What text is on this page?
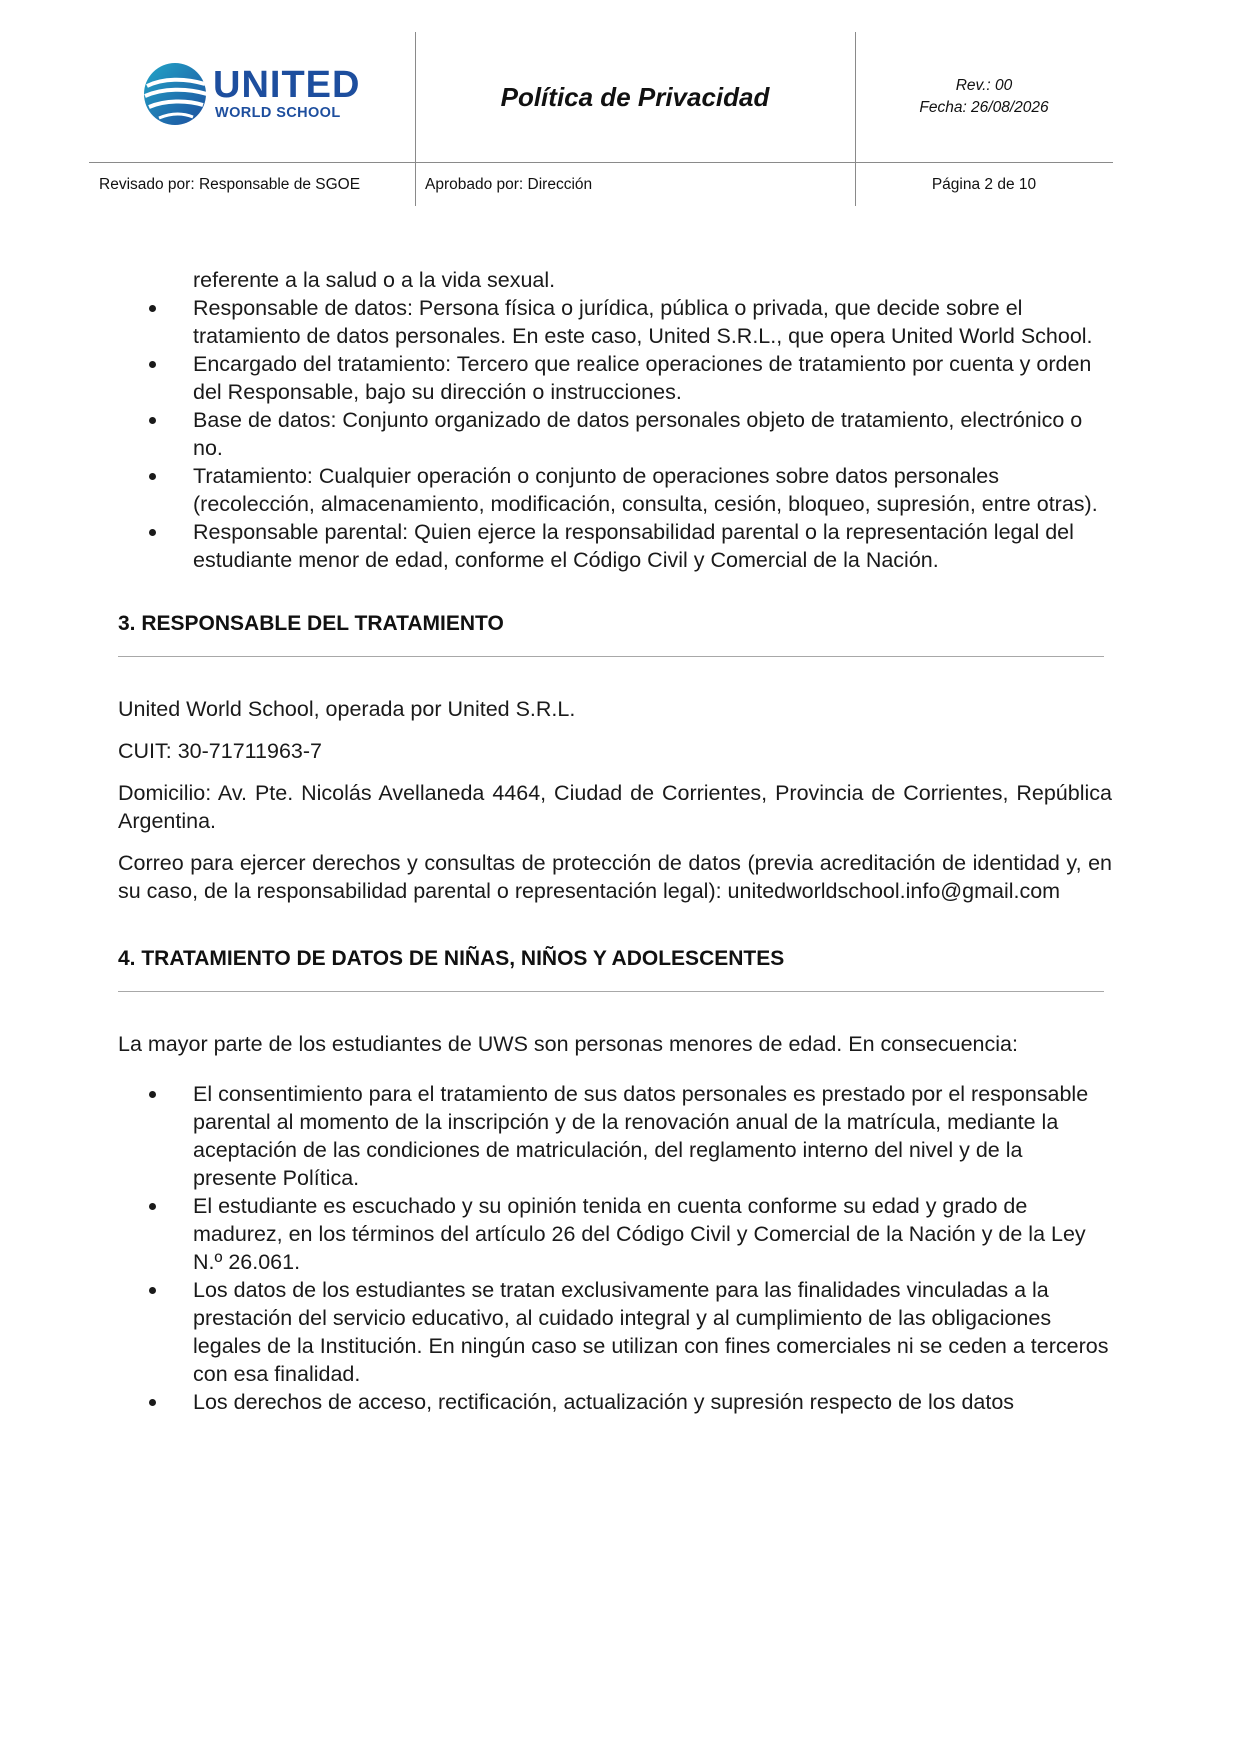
UNITED
WORLD SCHOOL
Política de Privacidad	Rev.: 00
Fecha: 26/08/2026
Revisado por: Responsable de SGOE	Aprobado por: Dirección	Página 2 de 10

referente a la salud o a la vida sexual.

Responsable de datos: Persona física o jurídica, pública o privada, que decide sobre el tratamiento de datos personales. En este caso, United S.R.L., que opera United World School.
Encargado del tratamiento: Tercero que realice operaciones de tratamiento por cuenta y orden del Responsable, bajo su dirección o instrucciones.
Base de datos: Conjunto organizado de datos personales objeto de tratamiento, electrónico o no.
Tratamiento: Cualquier operación o conjunto de operaciones sobre datos personales (recolección, almacenamiento, modificación, consulta, cesión, bloqueo, supresión, entre otras).
Responsable parental: Quien ejerce la responsabilidad parental o la representación legal del estudiante menor de edad, conforme el Código Civil y Comercial de la Nación.
3. RESPONSABLE DEL TRATAMIENTO

United World School, operada por United S.R.L.

CUIT: 30-71711963-7

Domicilio: Av. Pte. Nicolás Avellaneda 4464, Ciudad de Corrientes, Provincia de Corrientes, República Argentina.

Correo para ejercer derechos y consultas de protección de datos (previa acreditación de identidad y, en su caso, de la responsabilidad parental o representación legal): unitedworldschool.info@gmail.com

4. TRATAMIENTO DE DATOS DE NIÑAS, NIÑOS Y ADOLESCENTES

La mayor parte de los estudiantes de UWS son personas menores de edad. En consecuencia:

El consentimiento para el tratamiento de sus datos personales es prestado por el responsable parental al momento de la inscripción y de la renovación anual de la matrícula, mediante la aceptación de las condiciones de matriculación, del reglamento interno del nivel y de la presente Política.
El estudiante es escuchado y su opinión tenida en cuenta conforme su edad y grado de madurez, en los términos del artículo 26 del Código Civil y Comercial de la Nación y de la Ley N.º 26.061.
Los datos de los estudiantes se tratan exclusivamente para las finalidades vinculadas a la prestación del servicio educativo, al cuidado integral y al cumplimiento de las obligaciones legales de la Institución. En ningún caso se utilizan con fines comerciales ni se ceden a terceros con esa finalidad.
Los derechos de acceso, rectificación, actualización y supresión respecto de los datos
